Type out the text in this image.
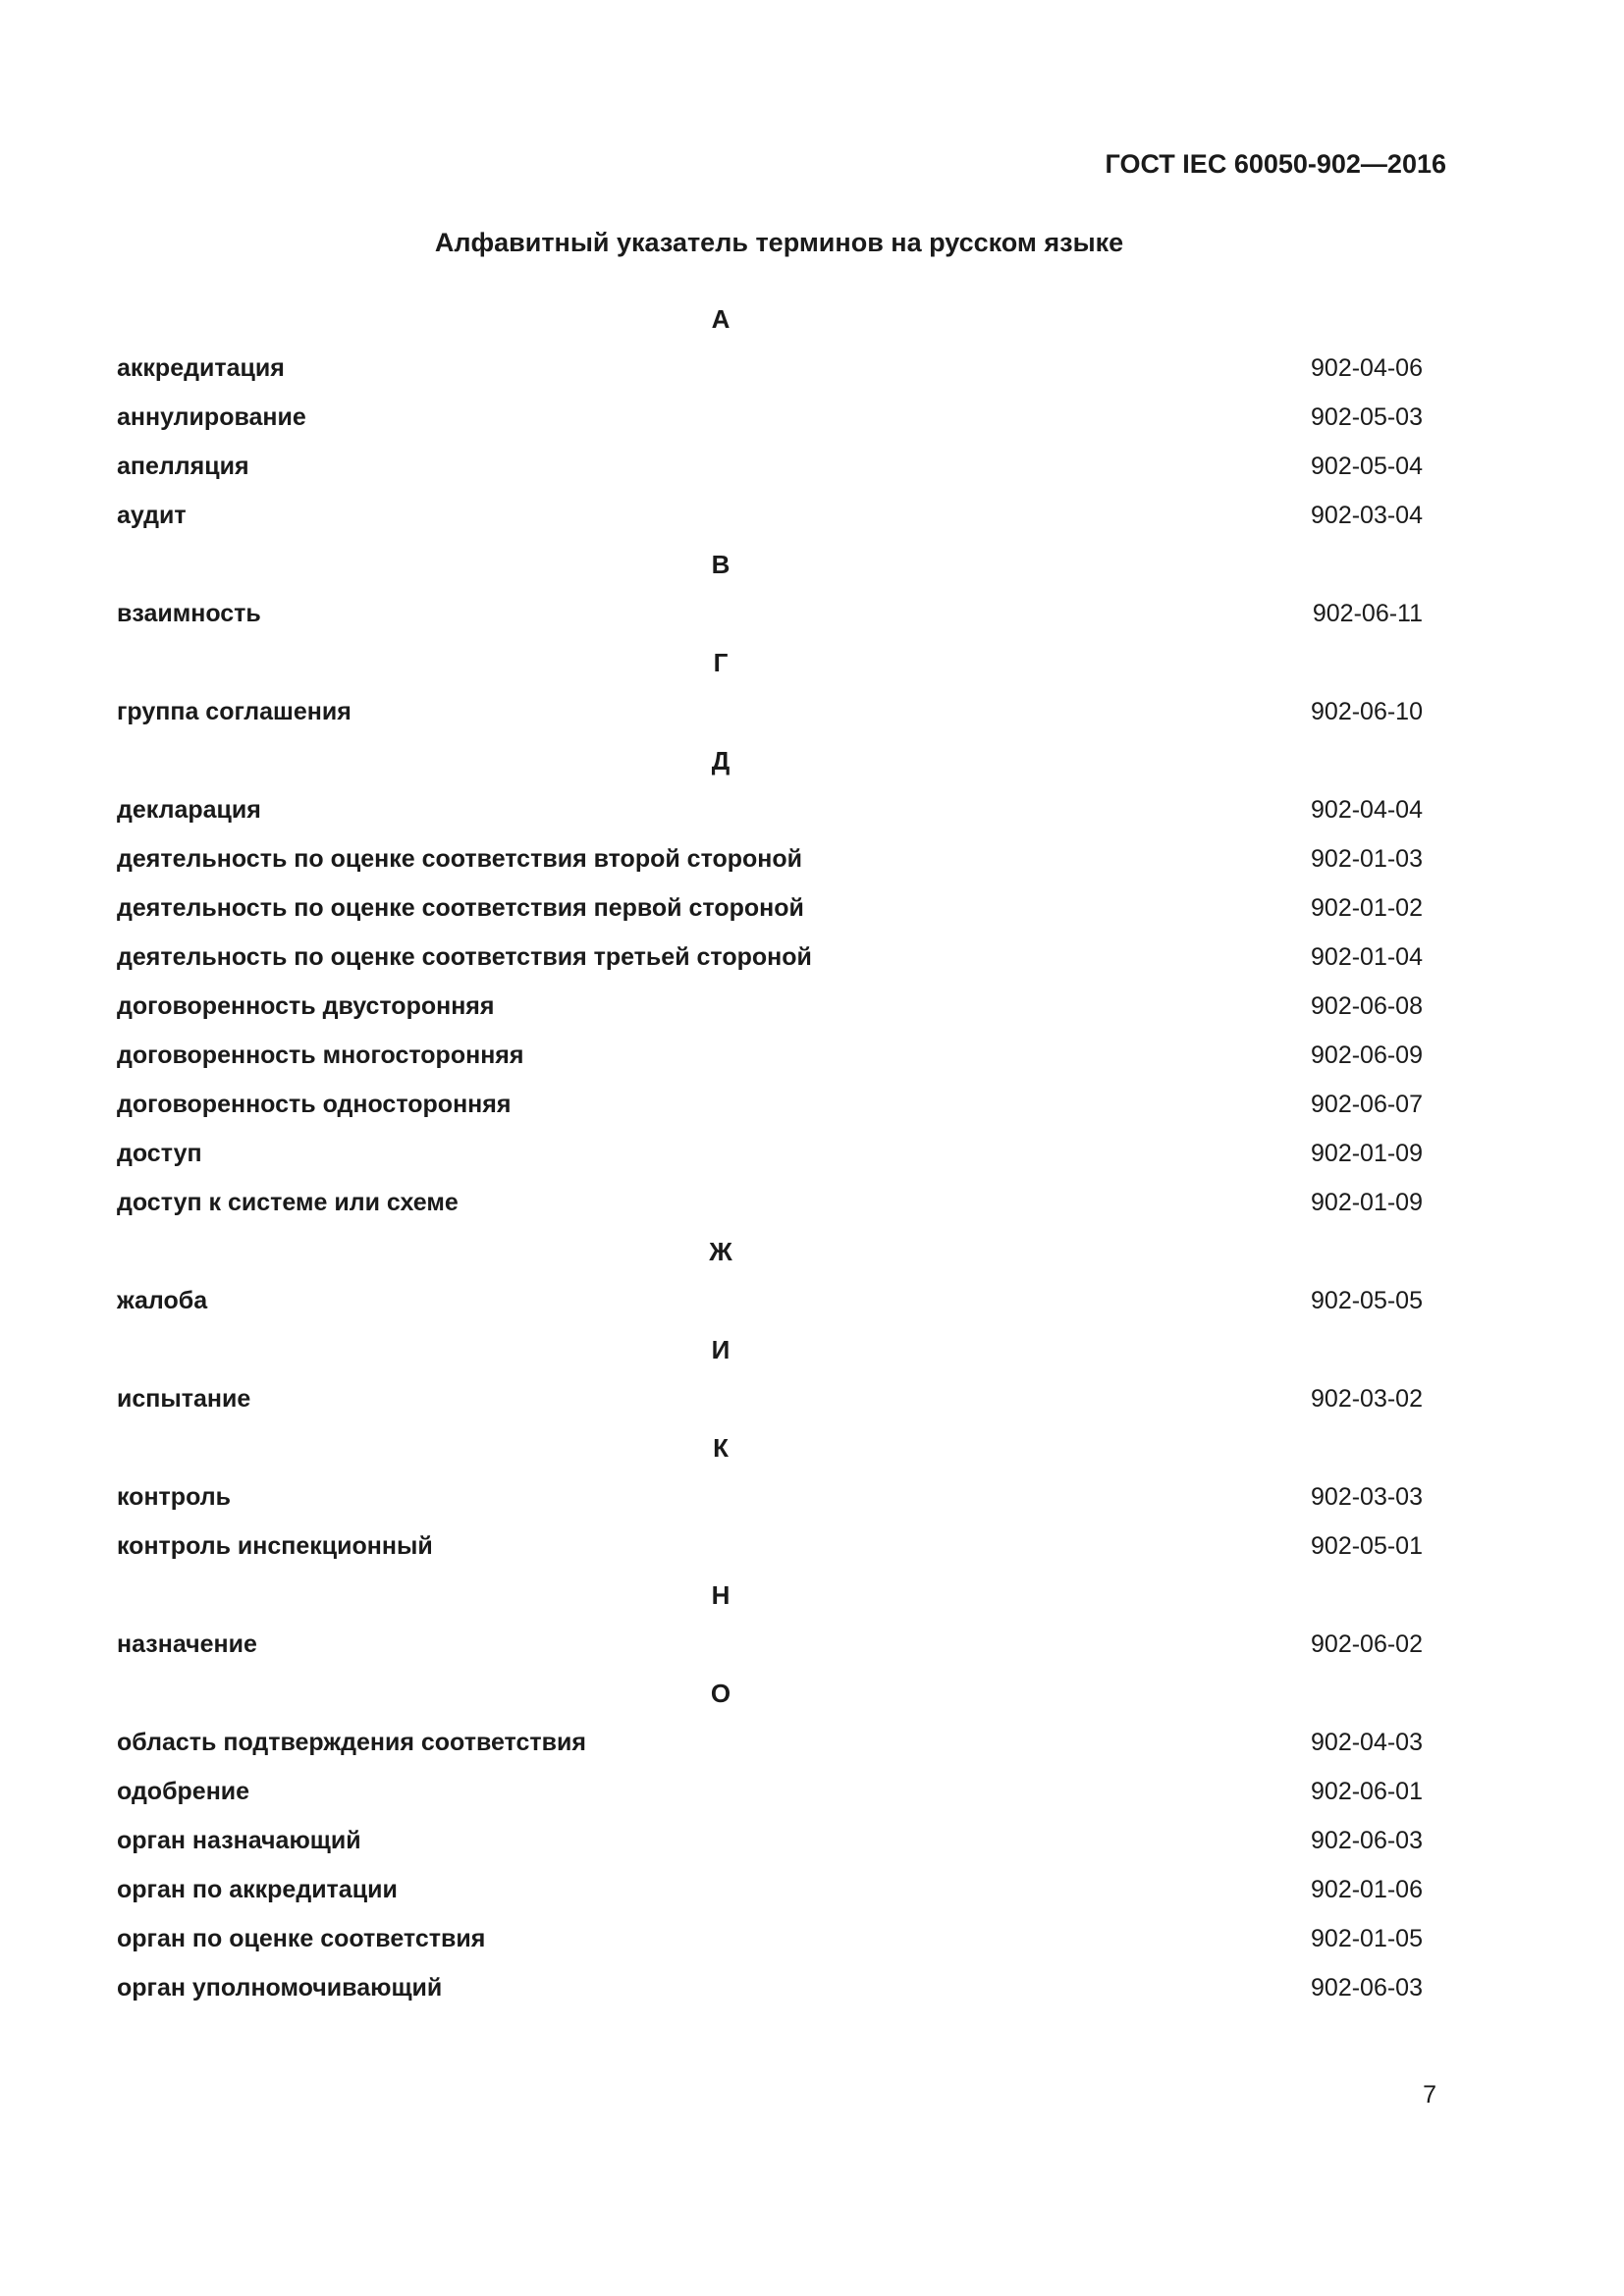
ГОСТ IEC 60050-902—2016
Алфавитный указатель терминов на русском языке
А
аккредитация	902-04-06
аннулирование	902-05-03
апелляция	902-05-04
аудит	902-03-04
В
взаимность	902-06-11
Г
группа соглашения	902-06-10
Д
декларация	902-04-04
деятельность по оценке соответствия второй стороной	902-01-03
деятельность по оценке соответствия первой стороной	902-01-02
деятельность по оценке соответствия третьей стороной	902-01-04
договоренность двусторонняя	902-06-08
договоренность многосторонняя	902-06-09
договоренность односторонняя	902-06-07
доступ	902-01-09
доступ к системе или схеме	902-01-09
Ж
жалоба	902-05-05
И
испытание	902-03-02
К
контроль	902-03-03
контроль инспекционный	902-05-01
Н
назначение	902-06-02
О
область подтверждения соответствия	902-04-03
одобрение	902-06-01
орган назначающий	902-06-03
орган по аккредитации	902-01-06
орган по оценке соответствия	902-01-05
орган уполномочивающий	902-06-03
7
